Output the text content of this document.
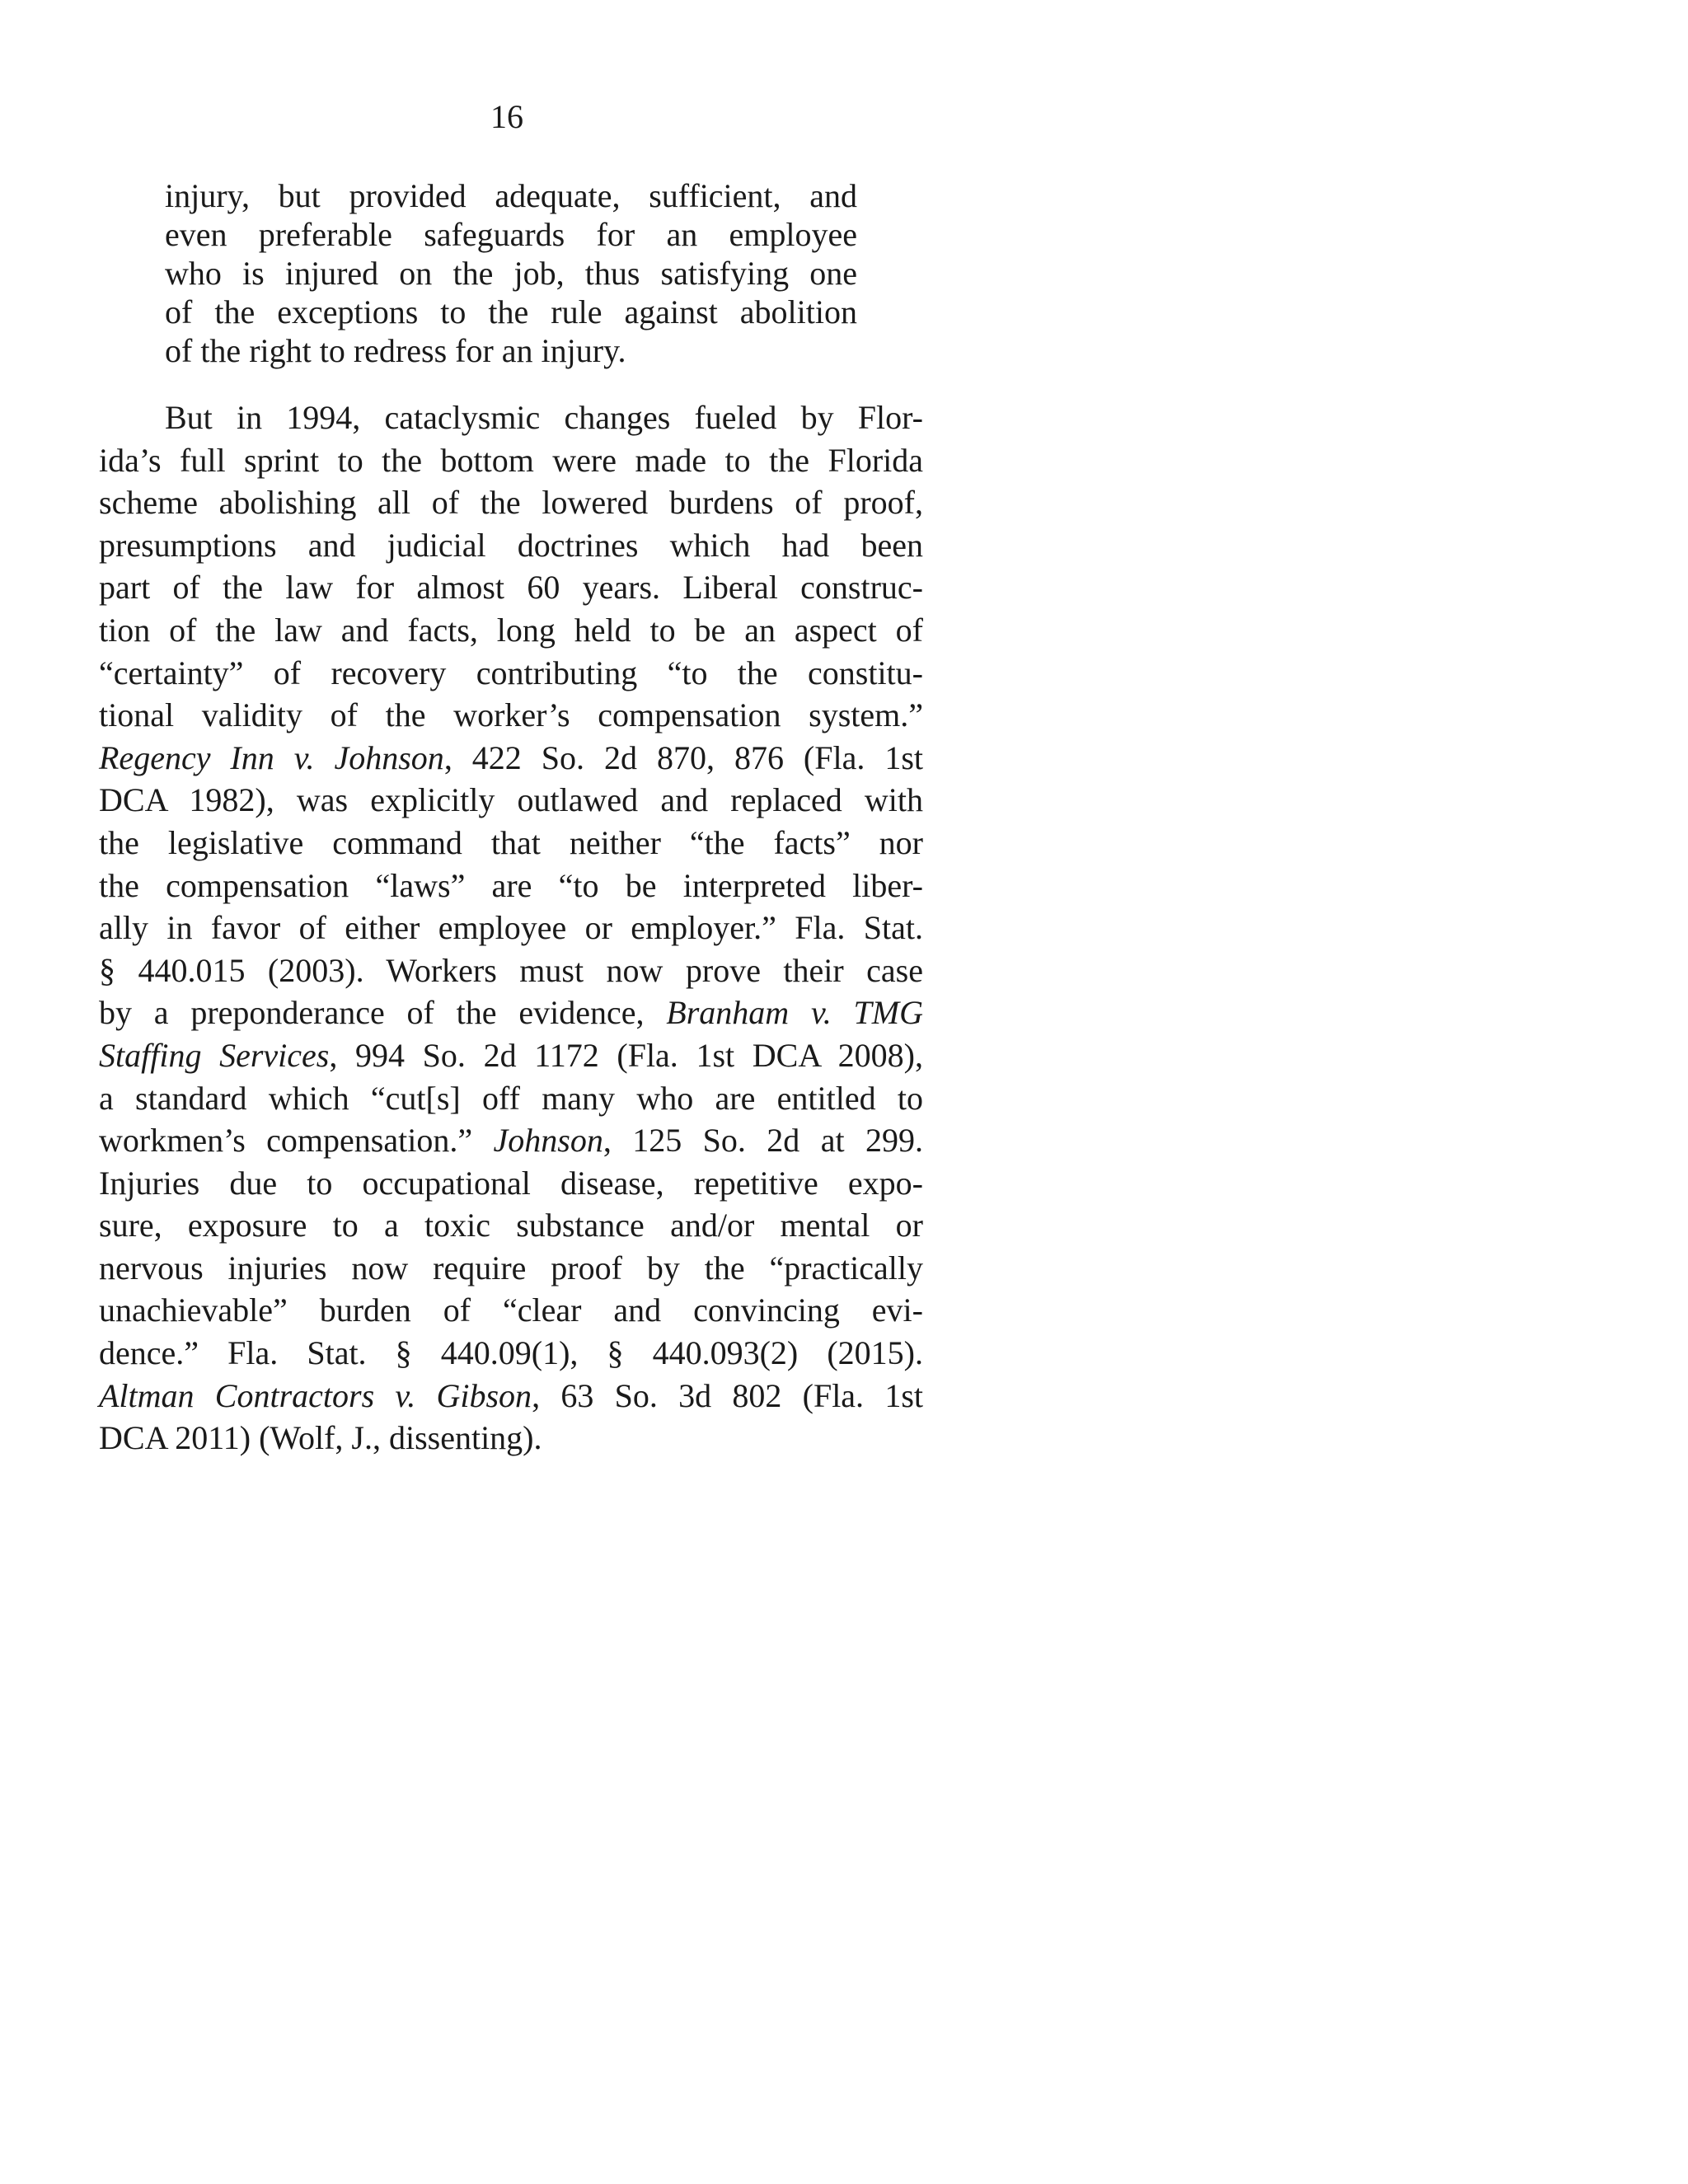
16
injury, but provided adequate, sufficient, and
even preferable safeguards for an employee
who is injured on the job, thus satisfying one
of the exceptions to the rule against abolition
of the right to redress for an injury.
But in 1994, cataclysmic changes fueled by Flor-
ida’s full sprint to the bottom were made to the Florida
scheme abolishing all of the lowered burdens of proof,
presumptions and judicial doctrines which had been
part of the law for almost 60 years. Liberal construc-
tion of the law and facts, long held to be an aspect of
“certainty” of recovery contributing “to the constitu-
tional validity of the worker’s compensation system.”
Regency Inn v. Johnson, 422 So. 2d 870, 876 (Fla. 1st
DCA 1982), was explicitly outlawed and replaced with
the legislative command that neither “the facts” nor
the compensation “laws” are “to be interpreted liber-
ally in favor of either employee or employer.” Fla. Stat.
§ 440.015 (2003). Workers must now prove their case
by a preponderance of the evidence, Branham v. TMG
Staffing Services, 994 So. 2d 1172 (Fla. 1st DCA 2008),
a standard which “cut[s] off many who are entitled to
workmen’s compensation.” Johnson, 125 So. 2d at 299.
Injuries due to occupational disease, repetitive expo-
sure, exposure to a toxic substance and/or mental or
nervous injuries now require proof by the “practically
unachievable” burden of “clear and convincing evi-
dence.” Fla. Stat. § 440.09(1), § 440.093(2) (2015).
Altman Contractors v. Gibson, 63 So. 3d 802 (Fla. 1st
DCA 2011) (Wolf, J., dissenting).
